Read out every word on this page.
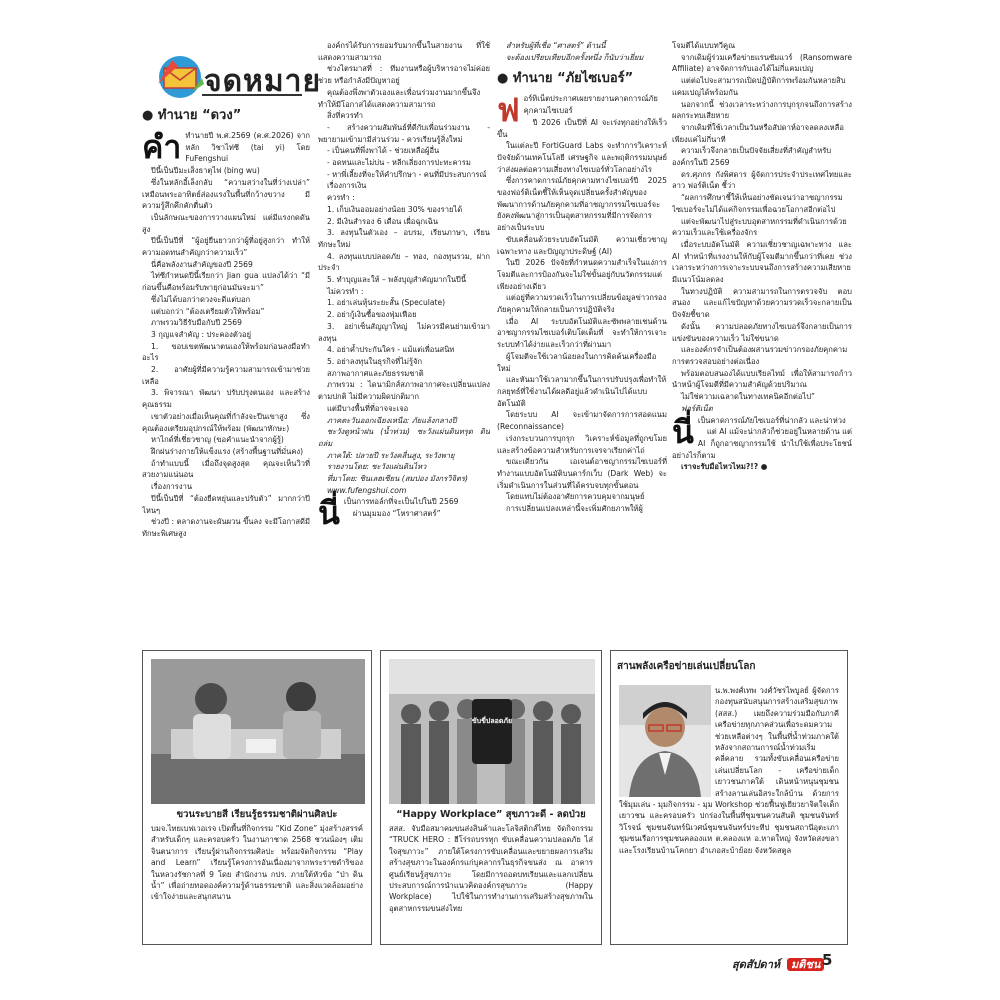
จดหมาย

● ทำนาย “ดวง”

คำ ทำนายปี พ.ศ.2569 (ค.ศ.2026) จากหลัก วิชาไท่ซี (tai yi) โดย FuFengshui

ปีนี้เป็นปีมะเส็งธาตุไฟ (bing wu)

ซึ่งในหลักอี้เล็งกลับ “ความสว่างในที่ว่างเปล่า” เหมือนพระอาทิตย์ส่องแรงในพื้นที่กว้างขวาง มีความรู้สึกคึกคักตื่นตัว

เป็นลักษณะของการวางแผนใหม่ แต่มีแรงกดดันสูง

ปีนี้เป็นปีที่ “ผู้อยู่ยืนยาวกว่าผู้ที่อยู่สูงกว่า ทำให้ความอดทนสำคัญกว่าความเร็ว”

นี่คือพลังงานสำคัญของปี 2569

ไท่ซีกำหนดปีนี้เรียกว่า Jian gua แปลงได้ว่า “มีก่อนขึ้นคือพร้อมรับพายุก่อนมันจะมา”

ซึ่งไม่ได้บอกว่าดวงจะดีแต่บอก

แต่บอกว่า “ต้องเตรียมตัวให้พร้อม”

ภาพรวมวิธีรับมือกับปี 2569

3 กุญแจสำคัญ : ประคองตัวอยู่

1. ขอบเขตพัฒนาตนเองให้พร้อมก่อนลงมือทำอะไร

2. อาศัยผู้ที่มีความรู้ความสามารถเข้ามาช่วยเหลือ

3. พิจารณา พัฒนา ปรับปรุงตนเอง และสร้างคุณธรรม

เขาตัวอย่างเมื่อเห็นคุณที่กำลังจะปีนเขาสูง ซึ่งคุณต้องเตรียมอุปกรณ์ให้พร้อม (พัฒนาทักษะ)

หาไกด์ที่เชี่ยวชาญ (ขอคำแนะนำจากผู้รู้)

ฝึกฝนร่างกายให้แข็งแรง (สร้างพื้นฐานที่มั่นคง)

ถ้าทำแบบนี้ เมื่อถึงจุดสูงสุด คุณจะเห็นวิวที่สวยงามแน่นอน

เรื่องการงาน

ปีนี้เป็นปีที่ “ต้องยืดหยุ่นและปรับตัว” มากกว่าปีไหนๆ

ช่วงปี : ตลาดงานจะผันผวน ขึ้นลง จะมีโอกาสดีมีทักษะพิเศษสูง

องค์กรได้รับการยอมรับมากขึ้นในสายงาน ที่ใช้แสดงความสามารถ

ช่วงไตรมาสที่ : ทีมงานหรือผู้บริหารอาจไม่ค่อยช่วย หรือกำลังมีปัญหาอยู่

คุณต้องพึ่งพาตัวเองและเพื่อนร่วมงานมากขึ้นจึงทำให้มีโอกาสได้แสดงความสามารถ

สิ่งที่ควรทำ

- สร้างความสัมพันธ์ที่ดีกับเพื่อนร่วมงาน - พยายามเข้ามามีส่วนร่วม - ควรเรียนรู้สิ่งใหม่

- เป็นคนที่พึ่งพาได้ - ช่วยเหลือผู้อื่น

- อดทนและไม่บ่น - หลีกเลี่ยงการปะทะคารม

- หาพี่เลี้ยงที่จะให้คำปรึกษา - คนที่มีประสบการณ์

เรื่องการเงิน

ควรทำ :

1. เก็บเงินออมอย่างน้อย 30% ของรายได้

2. มีเงินสำรอง 6 เดือน เผื่อฉุกเฉิน

3. ลงทุนในตัวเอง – อบรม, เรียนภาษา, เรียนทักษะใหม่

4. ลงทุนแบบปลอดภัย – ทอง, กองทุนรวม, ฝากประจำ

5. ทำบุญและให้ – พลังบุญสำคัญมากในปีนี้

ไม่ควรทำ :

1. อย่าเล่นหุ้นระยะสั้น (Speculate)

2. อย่ากู้เงินซื้อของฟุ่มเฟือย

3. อย่าเซ็นสัญญาใหญ่ ไม่ควรมีคนย่ามเข้ามาลงทุน

4. อย่าค้ำประกันใคร - แม้แต่เพื่อนสนิท

5. อย่าลงทุนในธุรกิจที่ไม่รู้จัก

สภาพอากาศและภัยธรรมชาติ

ภาพรวม : ไดนามิกส์สภาพอากาศจะเปลี่ยนแปลงตามปกติ ไม่มีความผิดปกติมาก

แต่มีบางพื้นที่ที่อาจจะเจอ

ภาคตะวันออกเฉียงเหนือ: ภัยแล้งกลางปี

ชะวังดูหน้าฝน (น้ำท่วม) ชะวังแผ่นดินทรุด ดินถล่ม

ภาคใต้: ปลายปี ระวังคลื่นสูง, ระวังพายุ

รายงานโดย: ชะวังแผ่นดินไหว

ที่มาโดย: ชินเลฮเซียน (สมปอง มังกรวิจิตร)

www.fufengshui.com

นี่เป็นการทอล์กที่จะเป็นไปในปี 2569

ผ่านมุมมอง “โหราศาสตร์”

สำหรับผู้ที่เชื่อ “ศาสตร์” ด้านนี้

จะต้องเปรียบเทียบอีกครั้งหนึ่ง ก็นับว่าเยี่ยม

● ทำนาย “ภัยไซเบอร์”

ฟอร์ทิเน็ตประกาศเผยรายงานคาดการณ์ภัยคุกคามไซเบอร์

ปี 2026 เป็นปีที่ AI จะเร่งทุกอย่างให้เร็วขึ้น

ในแต่ละปี FortiGuard Labs จะทำการวิเคราะห์ปัจจัยด้านเทคโนโลยี เศรษฐกิจ และพฤติกรรมมนุษย์ว่าส่งผลต่อความเสี่ยงทางไซเบอร์ทั่วโลกอย่างไร

ซึ่งการคาดการณ์ภัยคุกคามทางไซเบอร์ปี 2025 ของฟอร์ติเน็ตชี้ให้เห็นจุดเปลี่ยนครั้งสำคัญของพัฒนาการด้านภัยคุกคามที่อาชญากรรมไซเบอร์จะยังคงพัฒนาสู่การเป็นอุตสาหกรรมที่มีการจัดการอย่างเป็นระบบ

ขับเคลื่อนด้วยระบบอัตโนมัติ ความเชี่ยวชาญเฉพาะทาง และปัญญาประดิษฐ์ (AI)

ในปี 2026 ปัจจัยที่กำหนดความสำเร็จในแง่การโจมตีและการป้องกันจะไม่ใช่ขั้นอยู่กับนวัตกรรมแต่เพียงอย่างเดียว

แต่อยู่ที่ความรวดเร็วในการเปลี่ยนข้อมูลข่าวกรองภัยคุกคามให้กลายเป็นการปฏิบัติจริง

เมื่อ AI ระบบอัตโนมัติและซัพพลายเชนด้านอาชญากรรมไซเบอร์เติบโตเต็มที่ จะทำให้การเจาะระบบทำได้ง่ายและเร็วกว่าที่ผ่านมา

ผู้โจมตีจะใช้เวลาน้อยลงในการคิดค้นเครื่องมือใหม่

และหันมาใช้เวลามากขึ้นในการปรับปรุงเพื่อทำให้กลยุทธ์ที่ใช้งานได้ผลดีอยู่แล้วดำเนินไปได้แบบอัตโนมัติ

โดยระบบ AI จะเข้ามาจัดการการสอดแนม (Reconnaissance)

เร่งกระบวนการบุกรุก วิเคราะห์ข้อมูลที่ถูกขโมยและสร้างข้อความสำหรับการเจรจาเรียกค่าไถ่

ขณะเดียวกัน เอเจนต์อาชญากรรมไซเบอร์ที่ทำงานแบบอัตโนมัติบนดาร์กเว็บ (Dark Web) จะเริ่มดำเนินการในส่วนที่ได้ครบจบทุกขั้นตอน

โดยแทบไม่ต้องอาศัยการควบคุมจากมนุษย์

การเปลี่ยนแปลงเหล่านี้จะเพิ่มศักยภาพให้ผู้

โจมตีได้แบบทวีคูณ

จากเดิมผู้ร่วมเครือข่ายแรนซัมแวร์ (Ransomware Affiliate) อาจจัดการกับเองได้ไม่กี่แคมเปญ

แต่ต่อไปจะสามารถเปิดปฏิบัติการพร้อมกันหลายสิบแคมเปญได้พร้อมกัน

นอกจากนี้ ช่วงเวลาระหว่างการบุกรุกจนถึงการสร้างผลกระทบเสียหาย

จากเดิมที่ใช้เวลาเป็นวันหรือสัปดาห์อาจลดลงเหลือเพียงแค่ไม่กี่นาที

ความเร็วจึงกลายเป็นปัจจัยเสี่ยงที่สำคัญสำหรับองค์กรในปี 2569

ดร.ศุภกร กังพิศดาร ผู้จัดการประจำประเทศไทยและลาว ฟอร์ติเน็ต ชี้ว่า

“ผลการศึกษาชี้ให้เห็นอย่างชัดเจนว่าอาชญากรรมไซเบอร์จะไม่ได้แค่กิจกรรมเพื่อฉวยโอกาสอีกต่อไป

แต่จะพัฒนาไปสู่ระบบอุตสาหกรรมที่ดำเนินการด้วยความเร็วและใช้เครื่องจักร

เมื่อระบบอัตโนมัติ ความเชี่ยวชาญเฉพาะทาง และ AI ทำหน้าที่แรงงานให้กับผู้โจมตีมากขึ้นกว่าที่เคย ช่วงเวลาระหว่างการเจาะระบบจนถึงการสร้างความเสียหายมีแนวโน้มลดลง

ในทางปฏิบัติ ความสามารถในการตรวจจับ ตอบสนอง และแก้ไขปัญหาด้วยความรวดเร็วจะกลายเป็นปัจจัยชี้ขาด

ดังนั้น ความปลอดภัยทางไซเบอร์จึงกลายเป็นการแข่งขันของความเร็ว ไม่ใช่ขนาด

และองค์กรจำเป็นต้องผสานรวมข่าวกรองภัยคุกคาม การตรวจสอบอย่างต่อเนื่อง

พร้อมตอบสนองได้แบบเรียลไทม์ เพื่อให้สามารถก้าวนำหน้าผู้โจมตีที่มีความสำคัญด้วยปริมาณ

ไม่ใช่ความเฉลาดในทางเทคนิคอีกต่อไป”

ฟอร์ติเน็ต

นี่เป็นคาดการณ์ภัยไซเบอร์ที่น่ากลัว และน่าห่วง

แต่ AI แม้จะน่ากลัวก็ช่วยอยู่ในหลายด้าน แต่ AI ก็ถูกอาชญากรรมใช้ นำไปใช้เพื่อประโยชน์อย่างไรก็ตาม

เราจะรับมือไหวไหม?!? ●

ขวนระบายสี เรียนรู้ธรรมชาติผ่านศิลปะ
บมจ.ไทยเบฟเวอเรจ เปิดพื้นที่กิจกรรม “Kid Zone” มุ่งสร้างสรรค์สำหรับเด็กๆ และครอบครัว ในงานกาชาด 2568 ชวนน้องๆ เติมจินตนาการ เรียนรู้ผ่านกิจกรรมศิลปะ พร้อมจัดกิจกรรม “Play and Learn” เรียนรู้โครงการอันเนื่องมาจากพระราชดำริของในหลวงรัชกาลที่ 9 โดย สำนักงาน กปร. ภายใต้หัวข้อ “ป่า ดิน น้ำ” เพื่อถ่ายทอดองค์ความรู้ด้านธรรมชาติ และสิ่งแวดล้อมอย่างเข้าใจง่ายและสนุกสนาน
ขับขี่ปลอดภัย
“Happy Workplace” สุขภาวะดี - ลดป่วย
สสส. จับมือสมาคมขนส่งสินค้าและโลจิสติกส์ไทย จัดกิจกรรม “TRUCK HERO : ฮีโร่รถบรรทุก ขับเคลื่อนความปลอดภัย ไส่ใจสุขภาวะ” ภายใต้โครงการขับเคลื่อนและขยายผลการเสริมสร้างสุขภาวะในองค์กรแก่บุคลากรในธุรกิจขนส่ง ณ อาคารศูนย์เรียนรู้สุขภาวะ โดยมีการถอดบทเรียนและแลกเปลี่ยนประสบการณ์การนำแนวคิดองค์กรสุขภาวะ (Happy Workplace) ไปใช้ในการทำงานการเสริมสร้างสุขภาพในอุตสาหกรรมขนส่งไทย
สานพลังเครือข่ายเล่นเปลี่ยนโลก
น.พ.พงศ์เทพ วงศ์วัชรไพบูลย์ ผู้จัดการกองทุนสนับสนุนการสร้างเสริมสุขภาพ (สสส.) เผยถึงความร่วมมือกับภาคีเครือข่ายทุกภาคส่วนเพื่อระดมความช่วยเหลือต่างๆ ในพื้นที่น้ำท่วมภาคใต้ หลังจากสถานการณ์น้ำท่วมเริ่มคลี่คลาย รวมทั้งขับเคลื่อนเครือข่ายเล่นเปลี่ยนโลก - เครือข่ายเด็ก เยาวชนภาคใต้ เดินหน้าหนุนชุมชนสร้างลานเล่นอิสระใกล้บ้าน ด้วยการใช้มุมเล่น - มุมกิจกรรม - มุม Workshop ช่วยฟื้นฟูเยียวยาจิตใจเด็ก เยาวชน และครอบครัว ปกร่องในพื้นที่ชุมชนควนสันติ ชุมชนจันทร์วิโรจน์ ชุมชนจันทร์นิเวศน์ชุมชนจันทร์ประทีป ชุมชนสถานีอุตะเภา ชุมชนเรือการชุมชนคลองแห ต.คลองแห อ.หาดใหญ่ จังหวัดสงขลา และโรงเรียนบ้านโคกยา อำเภอสะบ้าย้อย จังหวัดสตูล
สุดสัปดาห์ มติชน 5
